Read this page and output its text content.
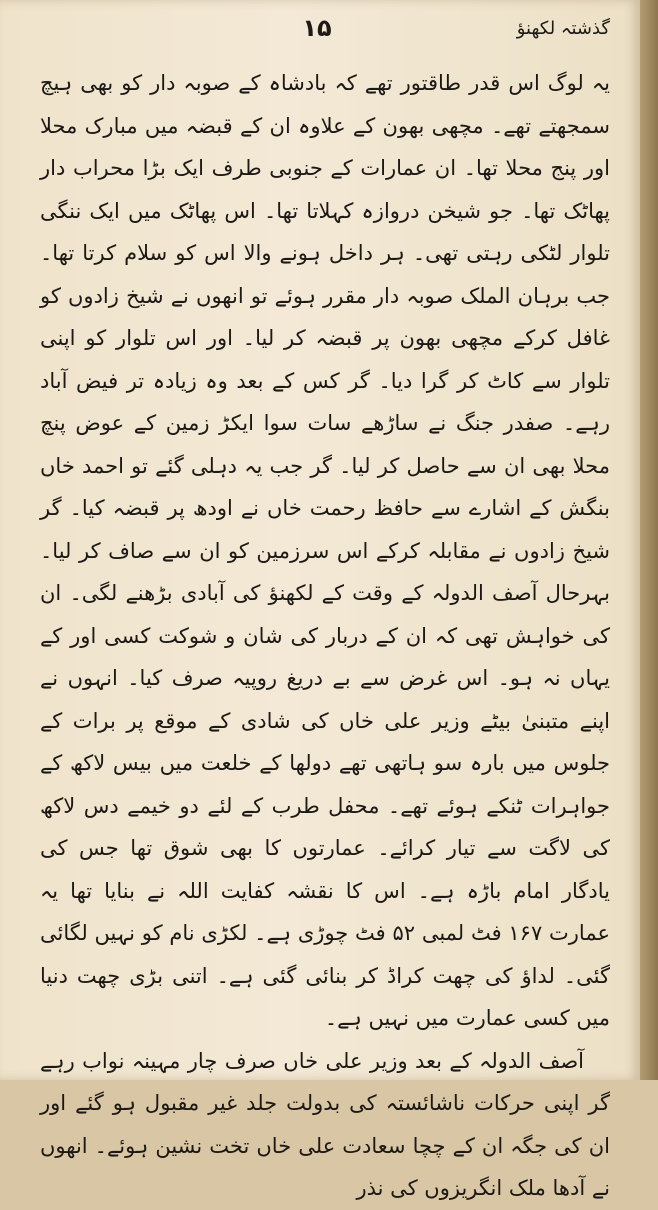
گذشتہ لکھنؤ
۱۵

یہ لوگ اس قدر طاقتور تھے کہ بادشاہ کے صوبہ دار کو بھی ہیچ سمجھتے تھے۔ مچھی بھون کے علاوہ ان کے قبضہ میں مبارک محلا اور پنج محلا تھا۔ ان عمارات کے جنوبی طرف ایک بڑا محراب دار پھاٹک تھا۔ جو شیخن دروازہ کہلاتا تھا۔ اس پھاٹک میں ایک ننگی تلوار لٹکی رہتی تھی۔ ہر داخل ہونے والا اس کو سلام کرتا تھا۔ جب برہان الملک صوبہ دار مقرر ہوئے تو انھوں نے شیخ زادوں کو غافل کرکے مچھی بھون پر قبضہ کر لیا۔ اور اس تلوار کو اپنی تلوار سے کاٹ کر گرا دیا۔ گر کس کے بعد وہ زیادہ تر فیض آباد رہے۔ صفدر جنگ نے ساڑھے سات سوا ایکڑ زمین کے عوض پنچ محلا بھی ان سے حاصل کر لیا۔ گر جب یہ دہلی گئے تو احمد خاں بنگش کے اشارے سے حافظ رحمت خاں نے اودھ پر قبضہ کیا۔ گر شیخ زادوں نے مقابلہ کرکے اس سرزمین کو ان سے صاف کر لیا۔ بہرحال آصف الدولہ کے وقت کے لکھنؤ کی آبادی بڑھنے لگی۔ ان کی خواہش تھی کہ ان کے دربار کی شان و شوکت کسی اور کے یہاں نہ ہو۔ اس غرض سے بے دریغ روپیہ صرف کیا۔ انہوں نے اپنے متبنیٰ بیٹے وزیر علی خاں کی شادی کے موقع پر برات کے جلوس میں بارہ سو ہاتھی تھے دولھا کے خلعت میں بیس لاکھ کے جواہرات ٹنکے ہوئے تھے۔ محفل طرب کے لئے دو خیمے دس لاکھ کی لاگت سے تیار کرائے۔ عمارتوں کا بھی شوق تھا جس کی یادگار امام باڑہ ہے۔ اس کا نقشہ کفایت اللہ نے بنایا تھا یہ عمارت ۱۶۷ فٹ لمبی ۵۲ فٹ چوڑی ہے۔ لکڑی نام کو نہیں لگائی گئی۔ لداؤ کی چھت کراڈ کر بنائی گئی ہے۔ اتنی بڑی چھت دنیا میں کسی عمارت میں نہیں ہے۔

آصف الدولہ کے بعد وزیر علی خاں صرف چار مہینہ نواب رہے گر اپنی حرکات ناشائستہ کی بدولت جلد غیر مقبول ہو گئے اور ان کی جگہ ان کے چچا سعادت علی خاں تخت نشین ہوئے۔ انھوں نے آدھا ملک انگریزوں کی نذر
